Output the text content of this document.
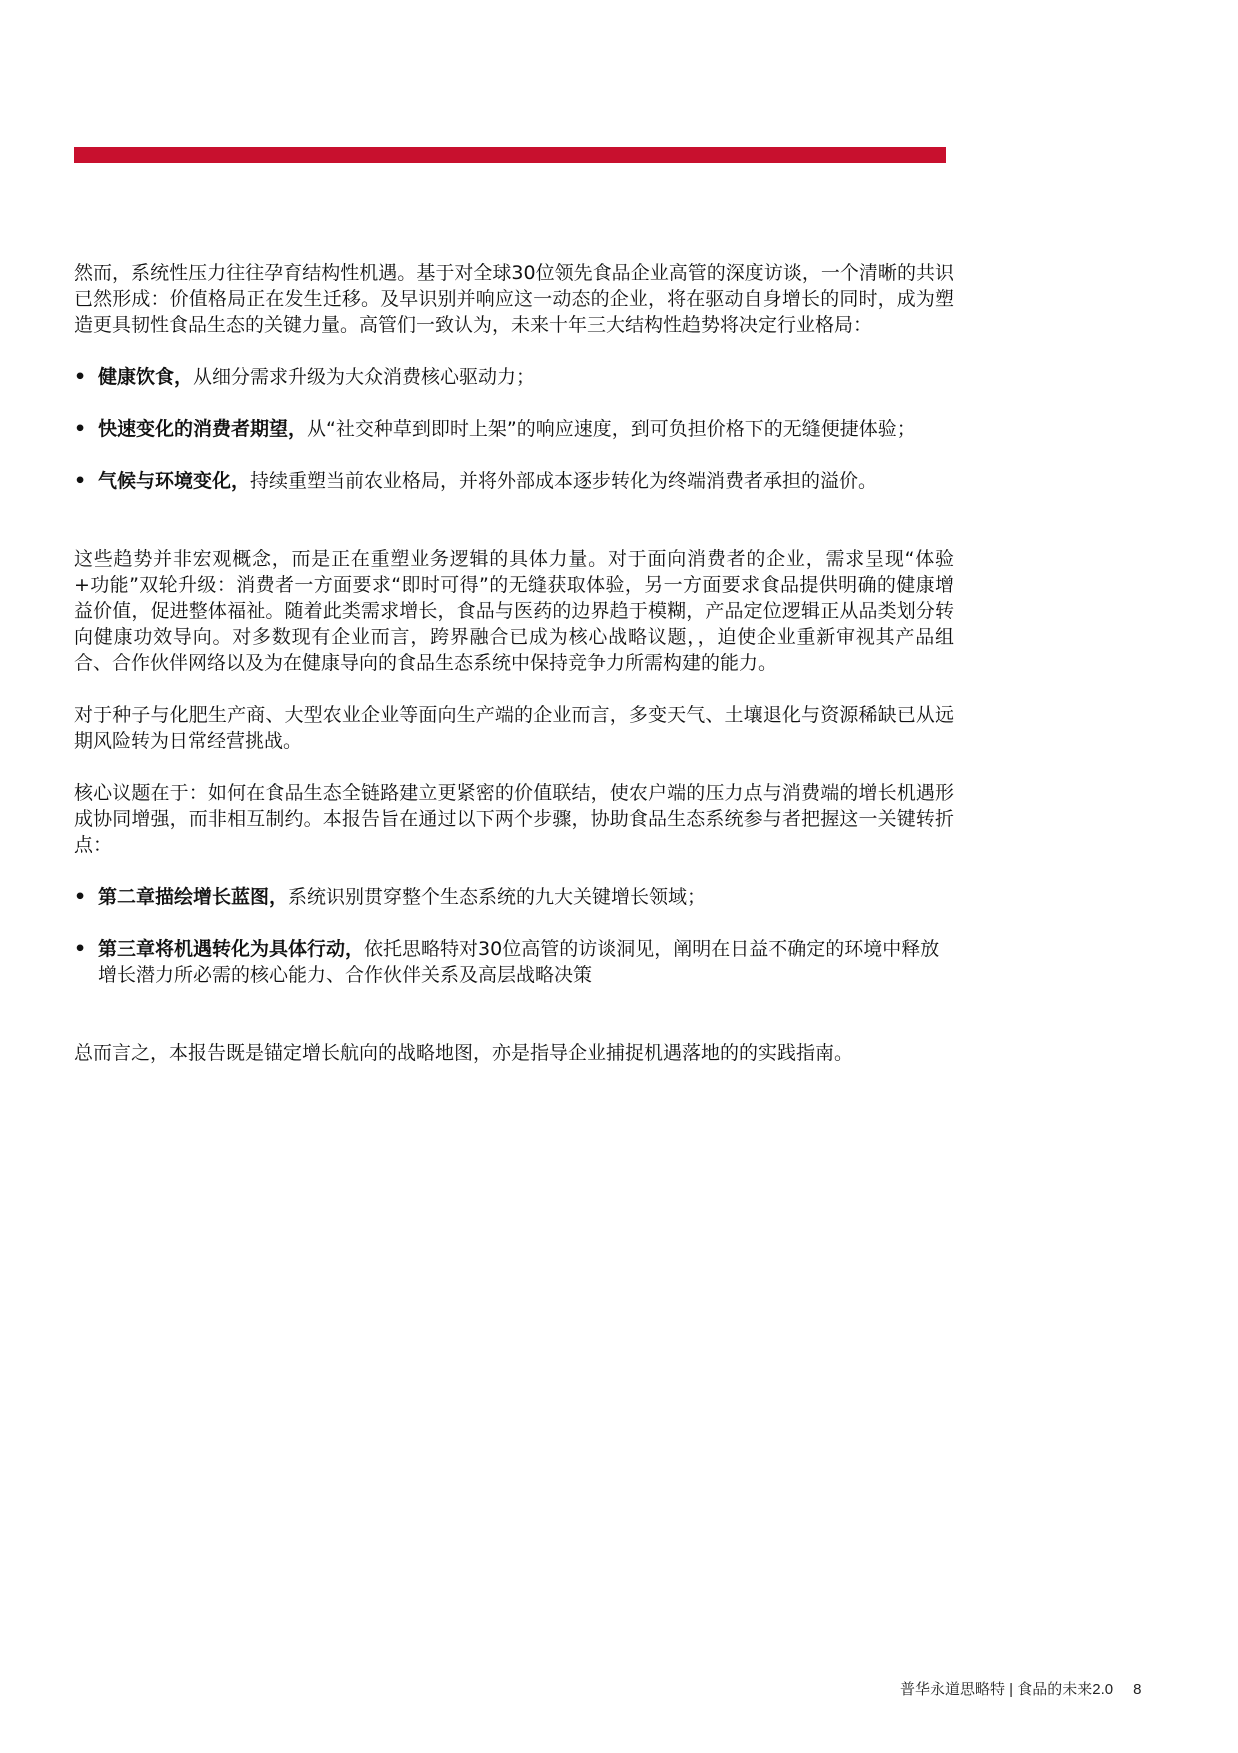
然而，系统性压力往往孕育结构性机遇。基于对全球30位领先食品企业高管的深度访谈，一个清晰的共识已然形成：价值格局正在发生迁移。及早识别并响应这一动态的企业，将在驱动自身增长的同时，成为塑造更具韧性食品生态的关键力量。高管们一致认为，未来十年三大结构性趋势将决定行业格局：

• 健康饮食，从细分需求升级为大众消费核心驱动力；
• 快速变化的消费者期望，从“社交种草到即时上架”的响应速度，到可负担价格下的无缝便捷体验；
• 气候与环境变化，持续重塑当前农业格局，并将外部成本逐步转化为终端消费者承担的溢价。

这些趋势并非宏观概念，而是正在重塑业务逻辑的具体力量。对于面向消费者的企业，需求呈现“体验+功能”双轮升级：消费者一方面要求“即时可得”的无缝获取体验，另一方面要求食品提供明确的健康增益价值，促进整体福祉。随着此类需求增长，食品与医药的边界趋于模糊，产品定位逻辑正从品类划分转向健康功效导向。对多数现有企业而言，跨界融合已成为核心战略议题，，迫使企业重新审视其产品组合、合作伙伴网络以及为在健康导向的食品生态系统中保持竞争力所需构建的能力。

对于种子与化肥生产商、大型农业企业等面向生产端的企业而言，多变天气、土壤退化与资源稀缺已从远期风险转为日常经营挑战。

核心议题在于：如何在食品生态全链路建立更紧密的价值联结，使农户端的压力点与消费端的增长机遇形成协同增强，而非相互制约。本报告旨在通过以下两个步骤，协助食品生态系统参与者把握这一关键转折点：

• 第二章描绘增长蓝图，系统识别贯穿整个生态系统的九大关键增长领域；
• 第三章将机遇转化为具体行动，依托思略特对30位高管的访谈洞见，阐明在日益不确定的环境中释放增长潜力所必需的核心能力、合作伙伴关系及高层战略决策

总而言之，本报告既是锚定增长航向的战略地图，亦是指导企业捕捉机遇落地的的实践指南。

普华永道思略特 | 食品的未来2.0 8
